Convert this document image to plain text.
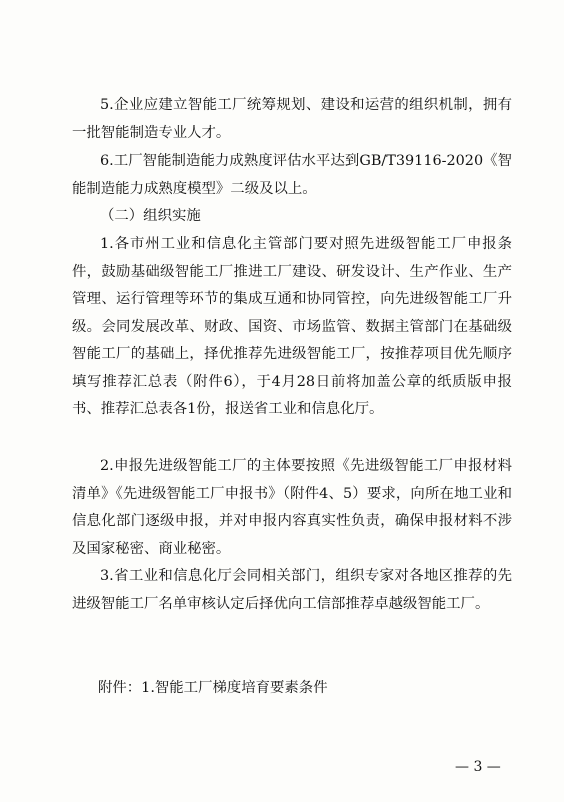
5.企业应建立智能工厂统筹规划、建设和运营的组织机制，拥有一批智能制造专业人才。

6.工厂智能制造能力成熟度评估水平达到GB/T39116-2020《智能制造能力成熟度模型》二级及以上。

（二）组织实施

1.各市州工业和信息化主管部门要对照先进级智能工厂申报条件，鼓励基础级智能工厂推进工厂建设、研发设计、生产作业、生产管理、运行管理等环节的集成互通和协同管控，向先进级智能工厂升级。会同发展改革、财政、国资、市场监管、数据主管部门在基础级智能工厂的基础上，择优推荐先进级智能工厂，按推荐项目优先顺序填写推荐汇总表（附件6），于4月28日前将加盖公章的纸质版申报书、推荐汇总表各1份，报送省工业和信息化厅。

2.申报先进级智能工厂的主体要按照《先进级智能工厂申报材料清单》《先进级智能工厂申报书》（附件4、5）要求，向所在地工业和信息化部门逐级申报，并对申报内容真实性负责，确保申报材料不涉及国家秘密、商业秘密。

3.省工业和信息化厅会同相关部门，组织专家对各地区推荐的先进级智能工厂名单审核认定后择优向工信部推荐卓越级智能工厂。

附件：1.智能工厂梯度培育要素条件
— 3 —
